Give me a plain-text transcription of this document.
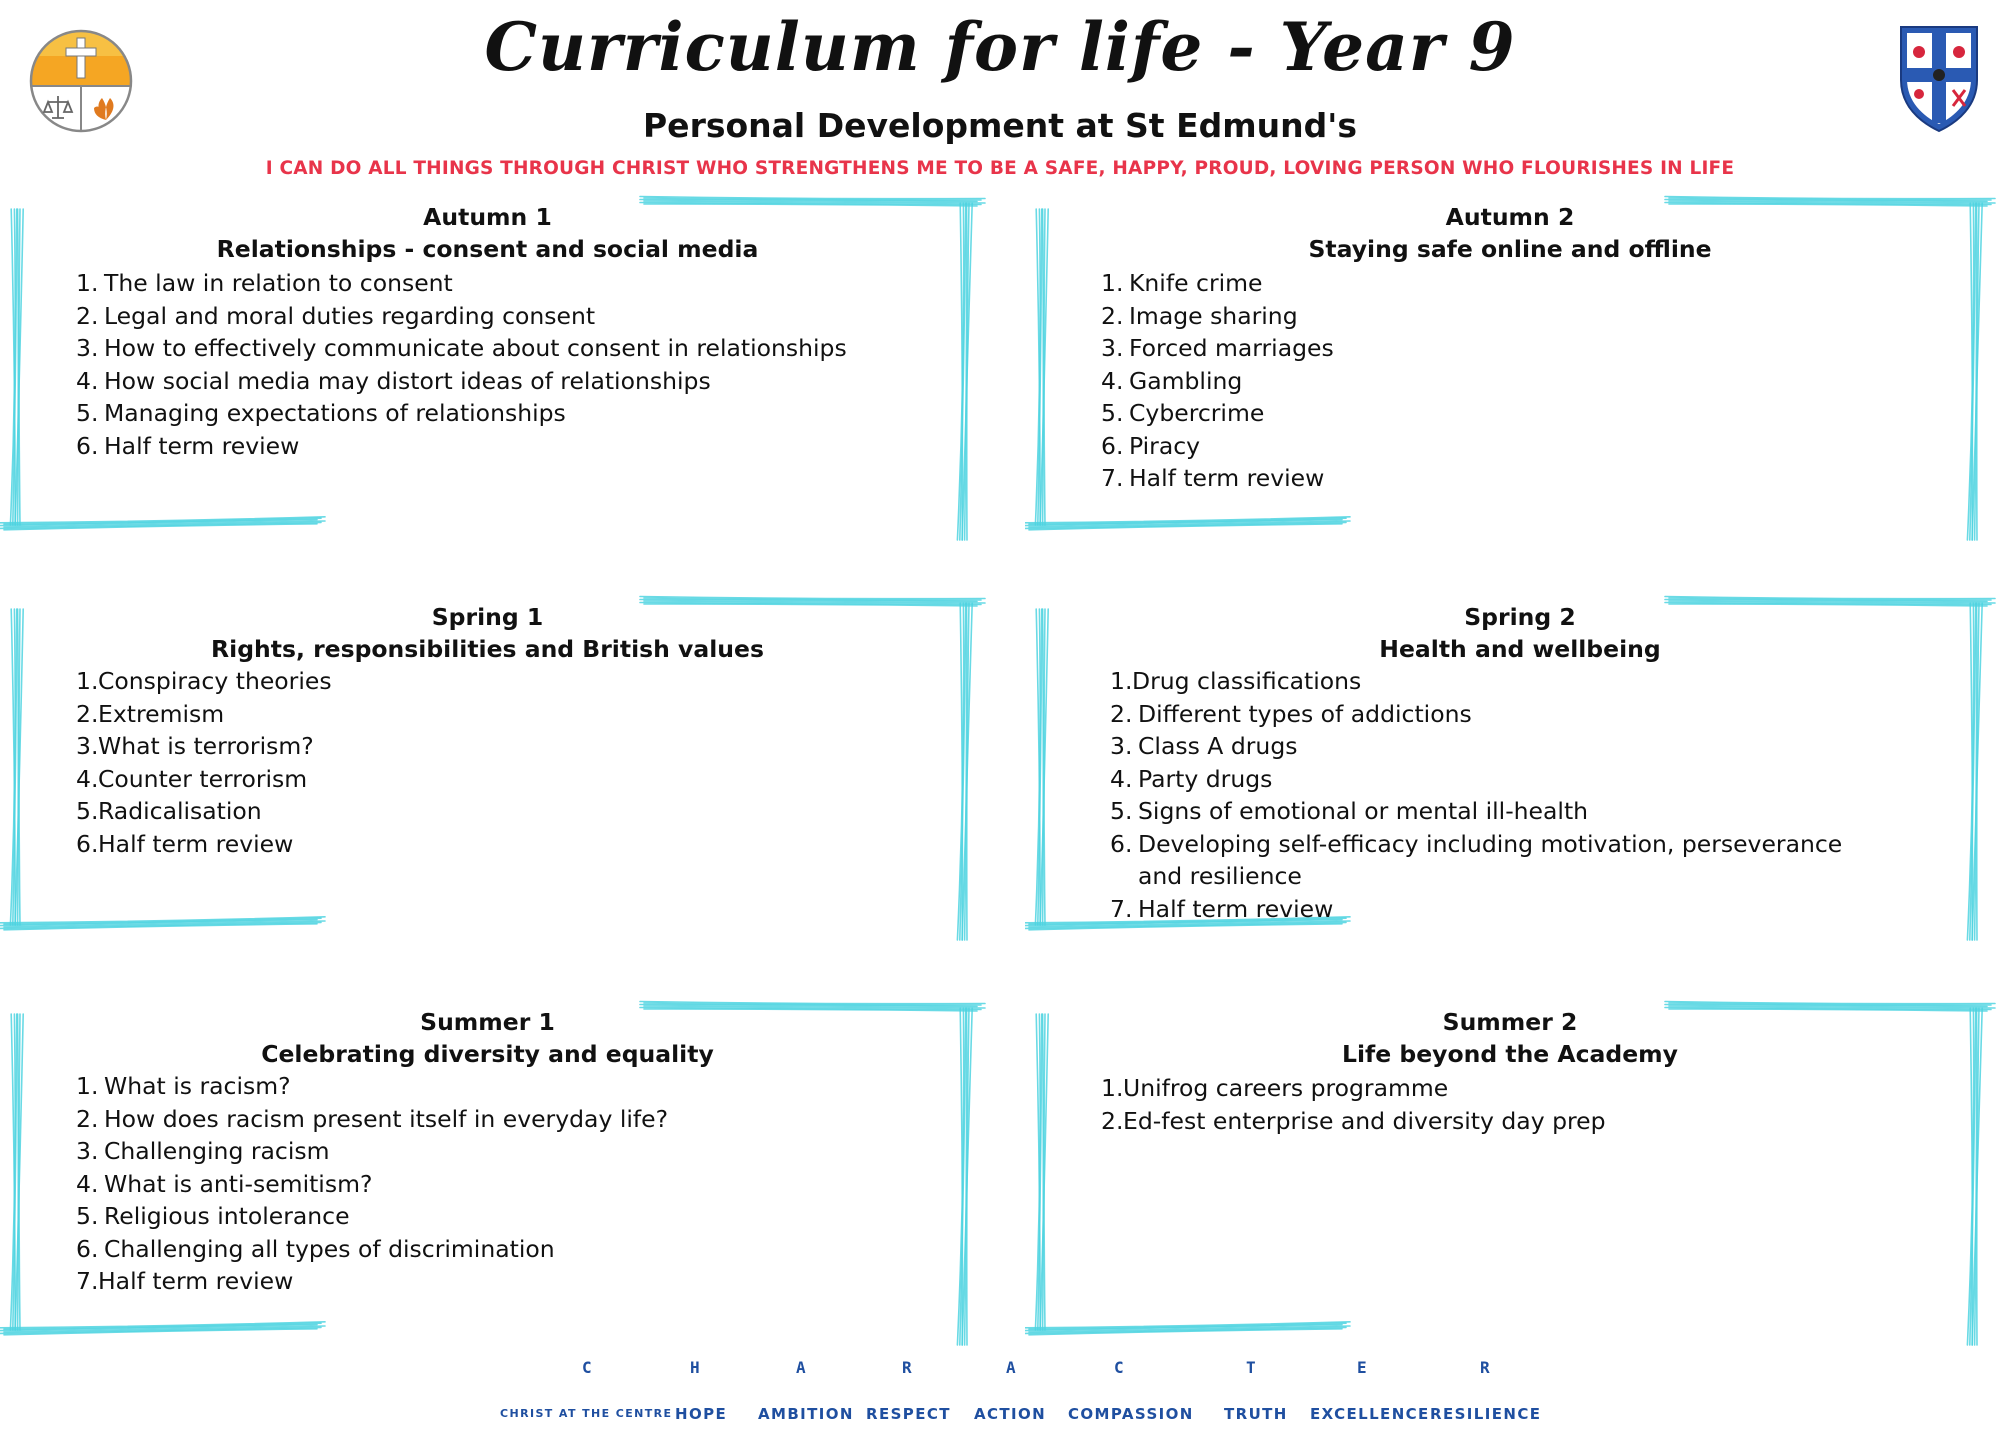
Curriculum for life - Year 9
Personal Development at St Edmund's
I CAN DO ALL THINGS THROUGH CHRIST WHO STRENGTHENS ME TO BE A SAFE, HAPPY, PROUD, LOVING PERSON WHO FLOURISHES IN LIFE
Autumn 1
Relationships - consent and social media
1. The law in relation to consent
2. Legal and moral duties regarding consent
3. How to effectively communicate about consent in relationships
4. How social media may distort ideas of relationships
5. Managing expectations of relationships
6. Half term review
Autumn 2
Staying safe online and offline
1. Knife crime
2. Image sharing
3. Forced marriages
4. Gambling
5. Cybercrime
6. Piracy
7. Half term review
Spring 1
Rights, responsibilities and British values
1. Conspiracy theories
2. Extremism
3. What is terrorism?
4. Counter terrorism
5. Radicalisation
6. Half term review
Spring 2
Health and wellbeing
1. Drug classifications
2. Different types of addictions
3. Class A drugs
4. Party drugs
5. Signs of emotional or mental ill-health
6. Developing self-efficacy including motivation, perseverance and resilience
7. Half term review
Summer 1
Celebrating diversity and equality
1. What is racism?
2. How does racism present itself in everyday life?
3. Challenging racism
4. What is anti-semitism?
5. Religious intolerance
6. Challenging all types of discrimination
7. Half term review
Summer 2
Life beyond the Academy
1. Unifrog careers programme
2. Ed-fest enterprise and diversity day prep
C	H	A	R	A	C	T	E	R
CHRIST AT THE CENTRE HOPE AMBITION RESPECT ACTION COMPASSION TRUTH EXCELLENCE RESILIENCE
